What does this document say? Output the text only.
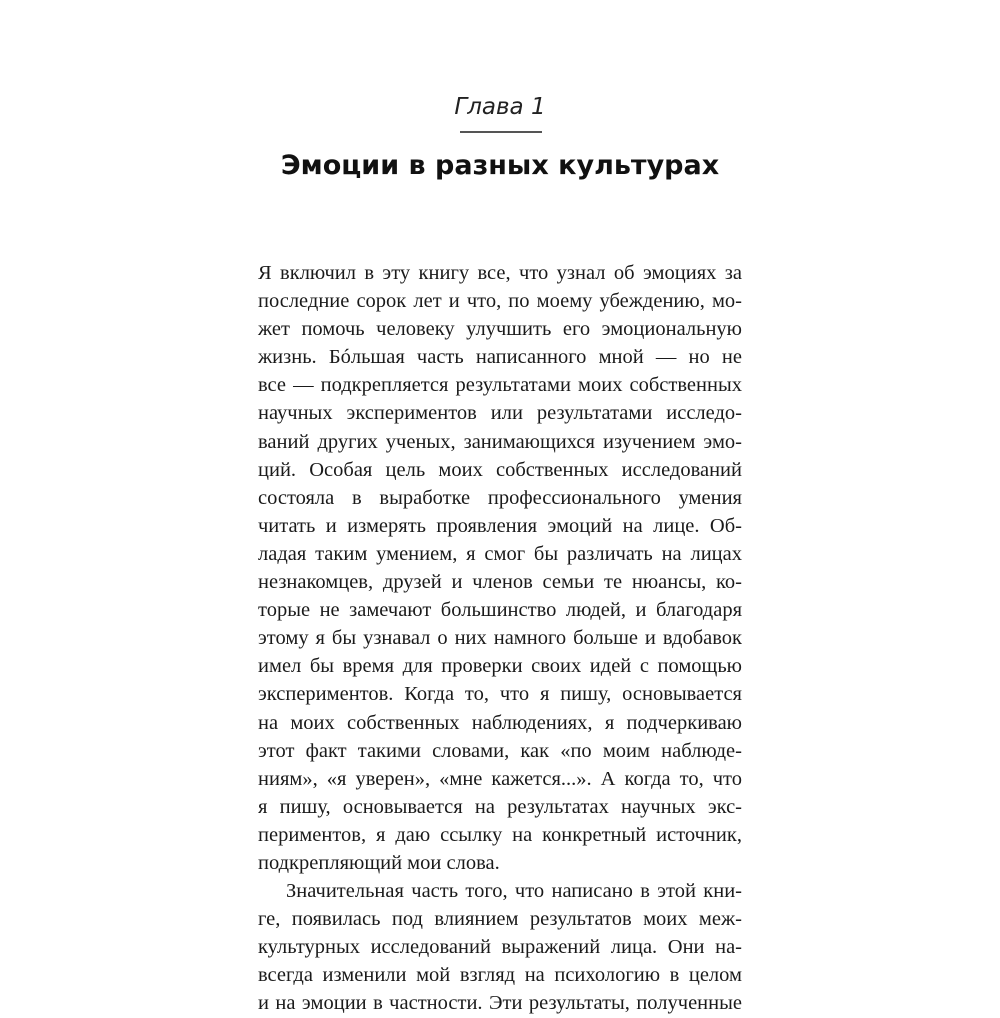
Глава 1
Эмоции в разных культурах
Я включил в эту книгу все, что узнал об эмоциях за
последние сорок лет и что, по моему убеждению, мо-
жет помочь человеку улучшить его эмоциональную
жизнь. Бóльшая часть написанного мной — но не
все — подкрепляется результатами моих собственных
научных экспериментов или результатами исследо-
ваний других ученых, занимающихся изучением эмо-
ций. Особая цель моих собственных исследований
состояла в выработке профессионального умения
читать и измерять проявления эмоций на лице. Об-
ладая таким умением, я смог бы различать на лицах
незнакомцев, друзей и членов семьи те нюансы, ко-
торые не замечают большинство людей, и благодаря
этому я бы узнавал о них намного больше и вдобавок
имел бы время для проверки своих идей с помощью
экспериментов. Когда то, что я пишу, основывается
на моих собственных наблюдениях, я подчеркиваю
этот факт такими словами, как «по моим наблюде-
ниям», «я уверен», «мне кажется...». А когда то, что
я пишу, основывается на результатах научных экс-
периментов, я даю ссылку на конкретный источник,
подкрепляющий мои слова.
Значительная часть того, что написано в этой кни-
ге, появилась под влиянием результатов моих меж-
культурных исследований выражений лица. Они на-
всегда изменили мой взгляд на психологию в целом
и на эмоции в частности. Эти результаты, полученные
